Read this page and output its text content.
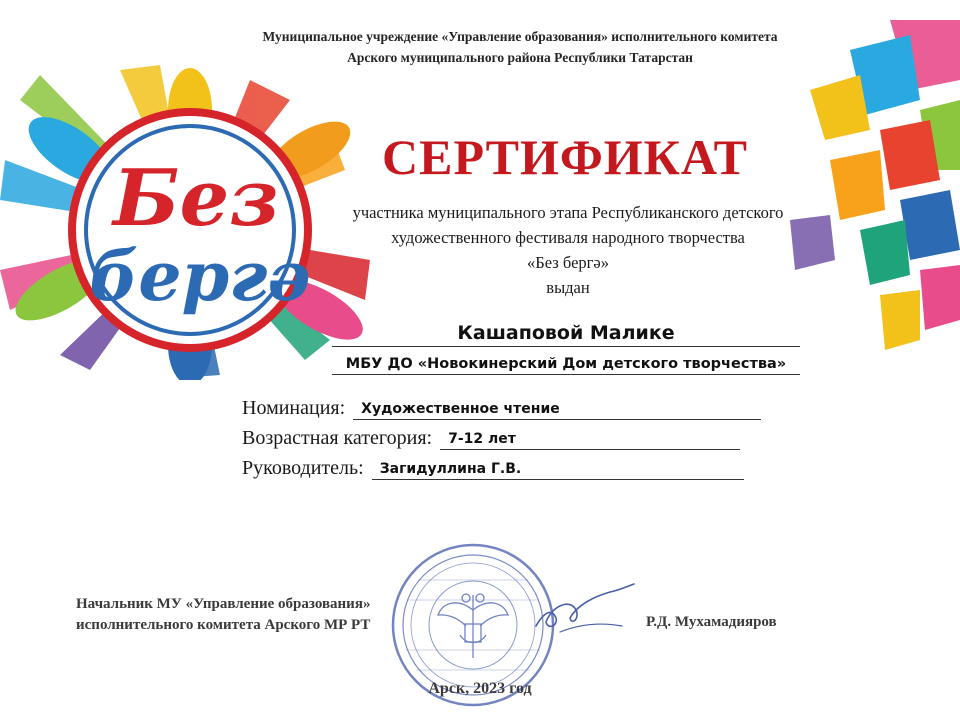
Без
бергә
Муниципальное учреждение «Управление образования» исполнительного комитета
Арского муниципального района Республики Татарстан
СЕРТИФИКАТ
участника муниципального этапа Республиканского детского
художественного фестиваля народного творчества
«Без бергә»
выдан
Кашаповой Малике
МБУ ДО «Новокинерский Дом детского творчества»
Номинация:	Художественное чтение
Возрастная категория:	7-12 лет
Руководитель:	Загидуллина Г.В.
Начальник МУ «Управление образования»
исполнительного комитета Арского МР РТ	Р.Д. Мухамадияров
Арск, 2023 год
